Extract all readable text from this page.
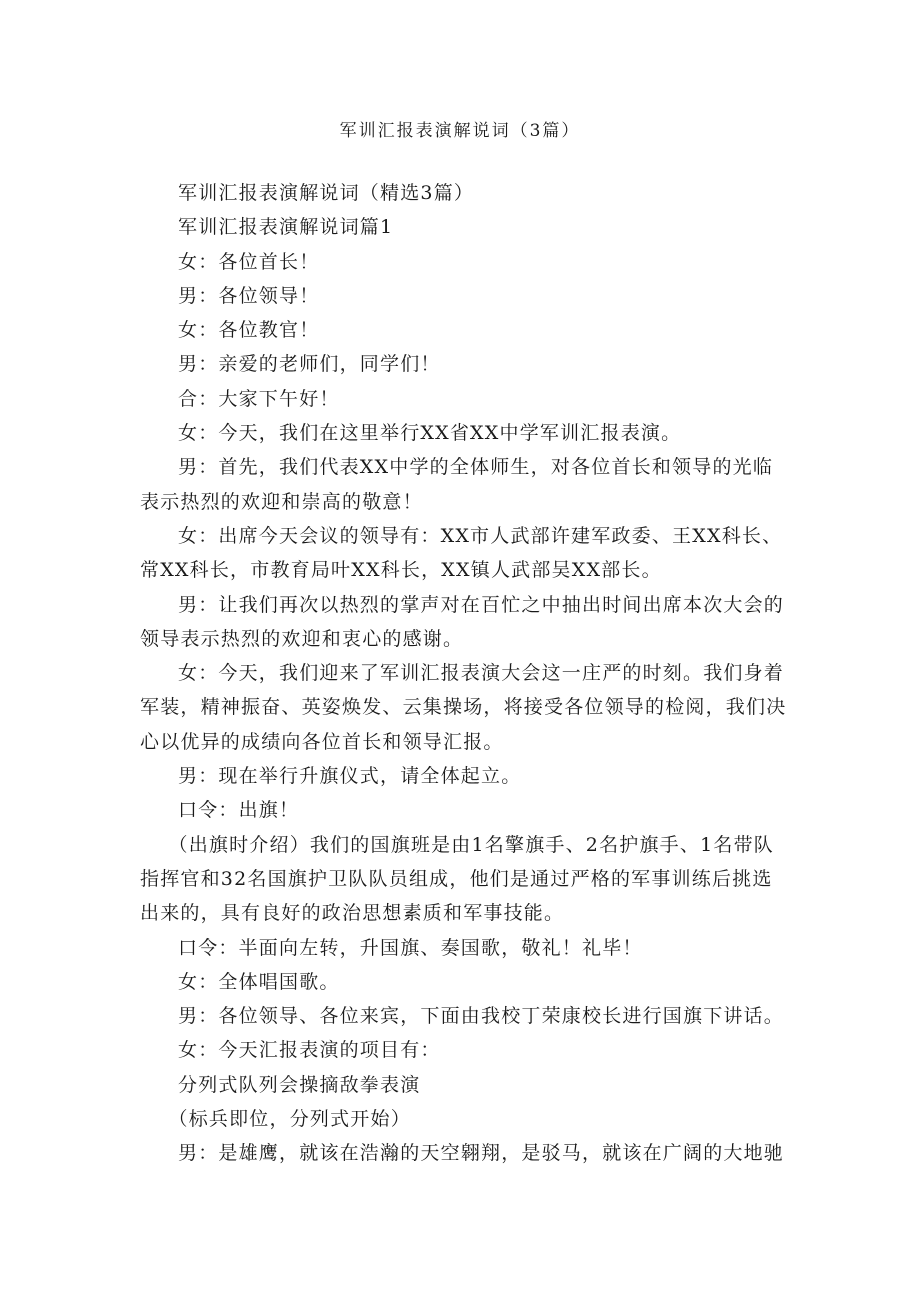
军训汇报表演解说词（3篇）

军训汇报表演解说词（精选3篇）

军训汇报表演解说词篇1

女：各位首长！

男：各位领导！

女：各位教官！

男：亲爱的老师们，同学们！

合：大家下午好！

女：今天，我们在这里举行XX省XX中学军训汇报表演。

男：首先，我们代表XX中学的全体师生，对各位首长和领导的光临表示热烈的欢迎和崇高的敬意！

女：出席今天会议的领导有：XX市人武部许建军政委、王XX科长、常XX科长，市教育局叶XX科长，XX镇人武部吴XX部长。

男：让我们再次以热烈的掌声对在百忙之中抽出时间出席本次大会的领导表示热烈的欢迎和衷心的感谢。

女：今天，我们迎来了军训汇报表演大会这一庄严的时刻。我们身着军装，精神振奋、英姿焕发、云集操场，将接受各位领导的检阅，我们决心以优异的成绩向各位首长和领导汇报。

男：现在举行升旗仪式，请全体起立。

口令：出旗！

（出旗时介绍）我们的国旗班是由1名擎旗手、2名护旗手、1名带队指挥官和32名国旗护卫队队员组成，他们是通过严格的军事训练后挑选出来的，具有良好的政治思想素质和军事技能。

口令：半面向左转，升国旗、奏国歌，敬礼！礼毕！

女：全体唱国歌。

男：各位领导、各位来宾，下面由我校丁荣康校长进行国旗下讲话。

女：今天汇报表演的项目有：

分列式队列会操摘敌拳表演

（标兵即位，分列式开始）

男：是雄鹰，就该在浩瀚的天空翱翔，是驳马，就该在广阔的大地驰
